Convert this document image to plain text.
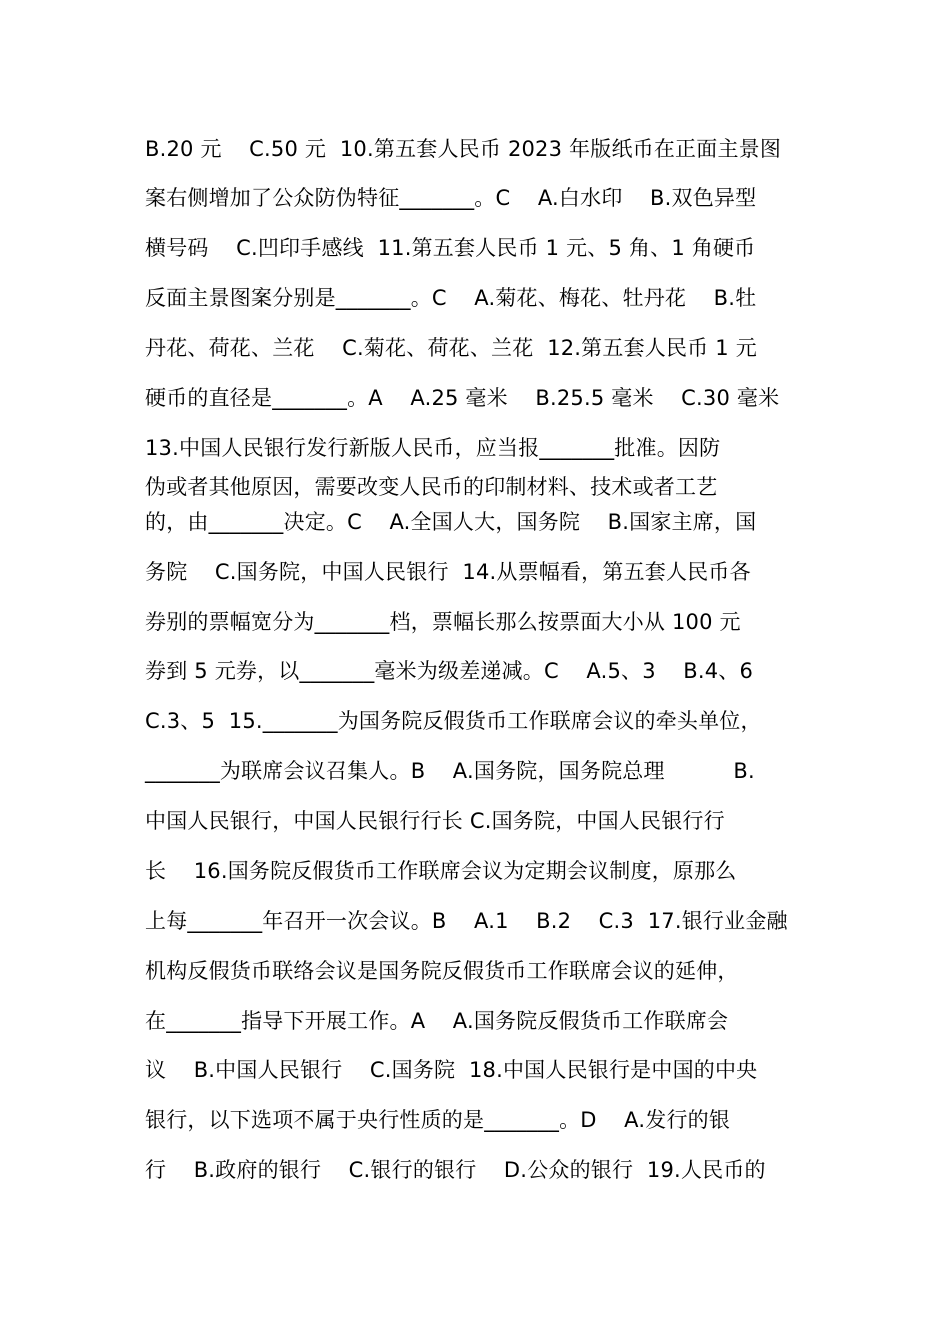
B.20 元    C.50 元  10.第五套人民币 2023 年版纸币在正面主景图
案右侧增加了公众防伪特征_______。C    A.白水印    B.双色异型
横号码    C.凹印手感线  11.第五套人民币 1 元、5 角、1 角硬币
反面主景图案分别是_______。C    A.菊花、梅花、牡丹花    B.牡
丹花、荷花、兰花    C.菊花、荷花、兰花  12.第五套人民币 1 元
硬币的直径是_______。A    A.25 毫米    B.25.5 毫米    C.30 毫米
13.中国人民银行发行新版人民币，应当报_______批准。因防
伪或者其他原因，需要改变人民币的印制材料、技术或者工艺
的，由_______决定。C    A.全国人大，国务院    B.国家主席，国
务院    C.国务院，中国人民银行  14.从票幅看，第五套人民币各
券别的票幅宽分为_______档，票幅长那么按票面大小从 100 元
券到 5 元券，以_______毫米为级差递减。C    A.5、3    B.4、6
C.3、5  15._______为国务院反假货币工作联席会议的牵头单位，
_______为联席会议召集人。B    A.国务院，国务院总理          B.
中国人民银行，中国人民银行行长 C.国务院，中国人民银行行
长    16.国务院反假货币工作联席会议为定期会议制度，原那么
上每_______年召开一次会议。B    A.1    B.2    C.3  17.银行业金融
机构反假货币联络会议是国务院反假货币工作联席会议的延伸，
在_______指导下开展工作。A    A.国务院反假货币工作联席会
议    B.中国人民银行    C.国务院  18.中国人民银行是中国的中央
银行，以下选项不属于央行性质的是_______。D    A.发行的银
行    B.政府的银行    C.银行的银行    D.公众的银行  19.人民币的
